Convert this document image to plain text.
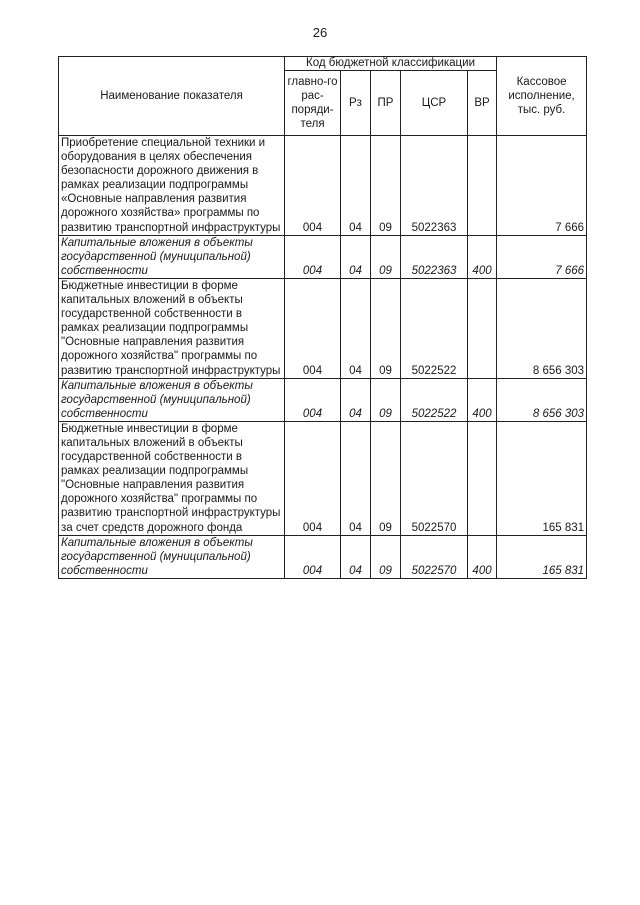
26
Наименование показателя	Код бюджетной классификации					Кассовое исполнение, тыс. руб.
	главно-го рас-поряди-теля	Рз	ПР	ЦСР	ВР	
Приобретение специальной техники и оборудования в целях обеспечения безопасности дорожного движения в рамках реализации подпрограммы «Основные направления развития дорожного хозяйства» программы по развитию транспортной инфраструктуры	004	04	09	5022363		7 666
Капитальные вложения в объекты государственной (муниципальной) собственности	004	04	09	5022363	400	7 666
Бюджетные инвестиции в форме капитальных вложений в объекты государственной собственности в рамках реализации подпрограммы "Основные направления развития дорожного хозяйства" программы по развитию транспортной инфраструктуры	004	04	09	5022522		8 656 303
Капитальные вложения в объекты государственной (муниципальной) собственности	004	04	09	5022522	400	8 656 303
Бюджетные инвестиции в форме капитальных вложений в объекты государственной собственности в рамках реализации подпрограммы "Основные направления развития дорожного хозяйства" программы по развитию транспортной инфраструктуры за счет средств дорожного фонда	004	04	09	5022570		165 831
Капитальные вложения в объекты государственной (муниципальной) собственности	004	04	09	5022570	400	165 831
